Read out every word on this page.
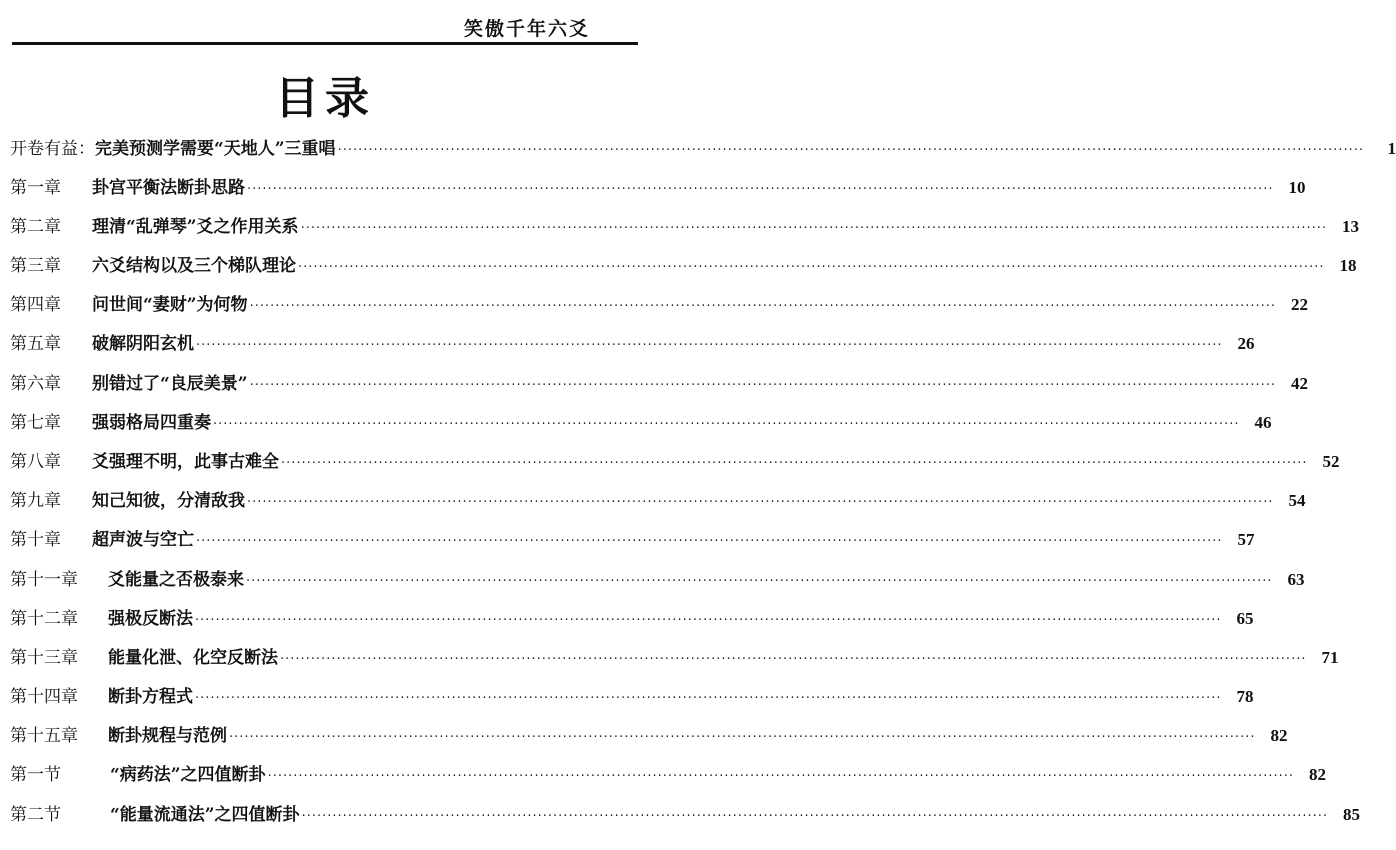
笑傲千年六爻
目录
开卷有益： 完美预测学需要“天地人”三重唱 ········································································································································································································	1
第一章	卦宫平衡法断卦思路 ········································································································································································································ 10
第二章	理清“乱弹琴”爻之作用关系 ········································································································································································································ 13
第三章	六爻结构以及三个梯队理论 ········································································································································································································ 18
第四章	问世间“妻财”为何物 ········································································································································································································ 22
第五章	破解阴阳玄机 ········································································································································································································ 26
第六章	别错过了“良辰美景” ········································································································································································································ 42
第七章	强弱格局四重奏 ········································································································································································································ 46
第八章	爻强理不明，此事古难全 ········································································································································································································ 52
第九章	知己知彼，分清敌我 ········································································································································································································ 54
第十章	超声波与空亡 ········································································································································································································ 57
第十一章	爻能量之否极泰来 ········································································································································································································ 63
第十二章	强极反断法 ········································································································································································································ 65
第十三章	能量化泄、化空反断法 ········································································································································································································ 71
第十四章	断卦方程式 ········································································································································································································ 78
第十五章	断卦规程与范例 ········································································································································································································ 82
第一节	“病药法”之四值断卦 ········································································································································································································ 82
第二节	“能量流通法”之四值断卦 ········································································································································································································ 85
